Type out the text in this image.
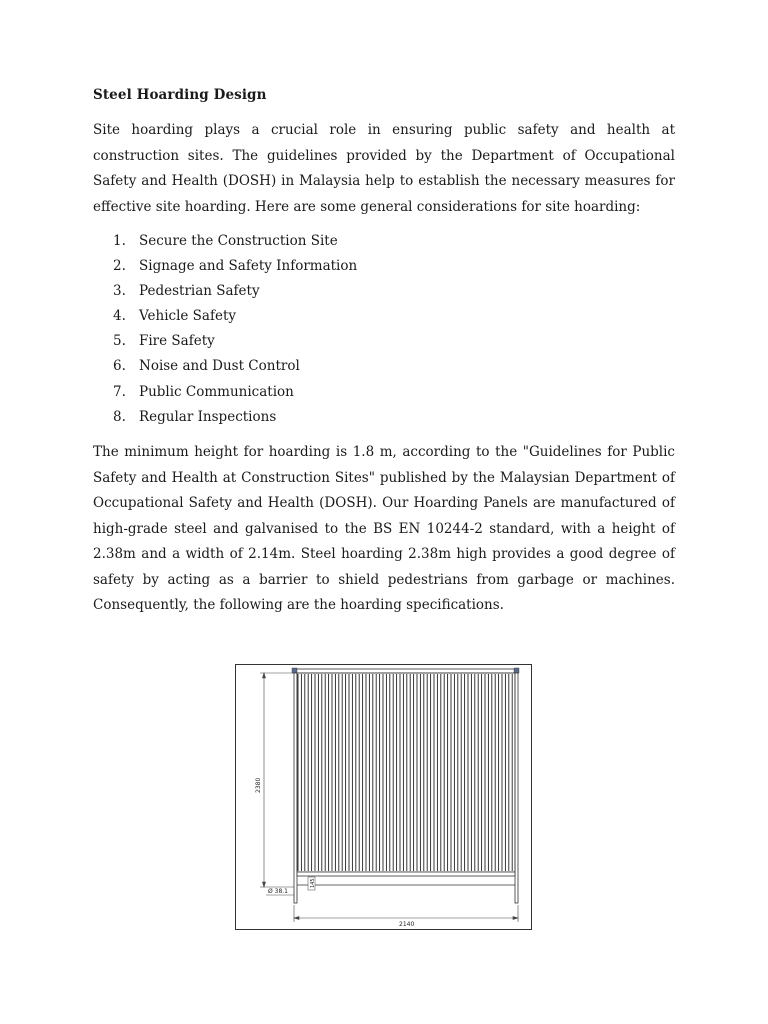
Steel Hoarding Design
Site hoarding plays a crucial role in ensuring public safety and health at construction sites. The guidelines provided by the Department of Occupational Safety and Health (DOSH) in Malaysia help to establish the necessary measures for effective site hoarding. Here are some general considerations for site hoarding:
1. Secure the Construction Site
2. Signage and Safety Information
3. Pedestrian Safety
4. Vehicle Safety
5. Fire Safety
6. Noise and Dust Control
7. Public Communication
8. Regular Inspections
The minimum height for hoarding is 1.8 m, according to the "Guidelines for Public Safety and Health at Construction Sites" published by the Malaysian Department of Occupational Safety and Health (DOSH). Our Hoarding Panels are manufactured of high-grade steel and galvanised to the BS EN 10244-2 standard, with a height of 2.38m and a width of 2.14m. Steel hoarding 2.38m high provides a good degree of safety by acting as a barrier to shield pedestrians from garbage or machines. Consequently, the following are the hoarding specifications.
2380
145
Ø 38.1
2140
